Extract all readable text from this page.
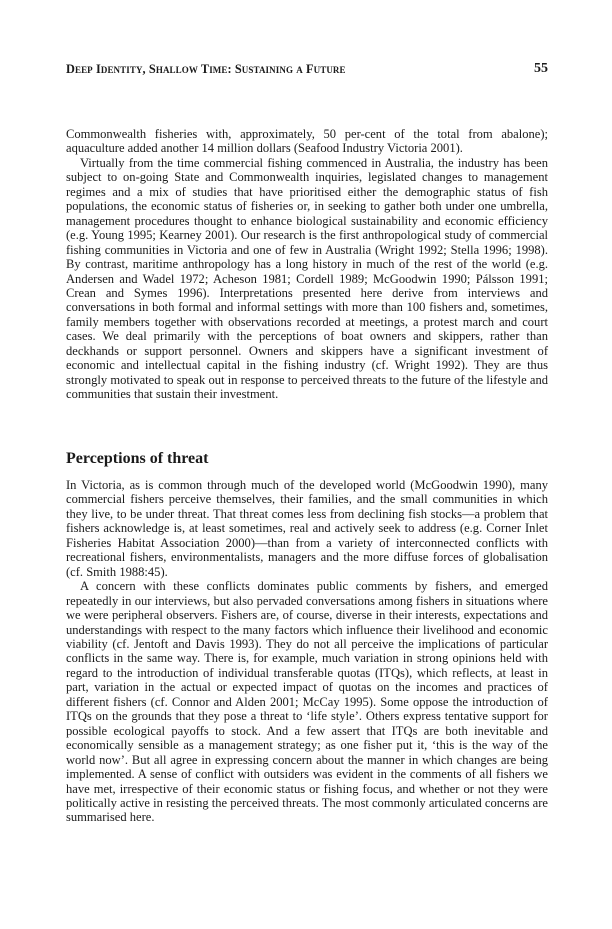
Deep Identity, Shallow Time: Sustaining a Future	55

Commonwealth fisheries with, approximately, 50 per-cent of the total from abalone); aquaculture added another 14 million dollars (Seafood Industry Victoria 2001).

Virtually from the time commercial fishing commenced in Australia, the industry has been subject to on-going State and Commonwealth inquiries, legislated changes to management regimes and a mix of studies that have prioritised either the demographic status of fish populations, the economic status of fisheries or, in seeking to gather both under one umbrella, management procedures thought to enhance biological sustainability and economic efficiency (e.g. Young 1995; Kearney 2001). Our research is the first anthropological study of commercial fishing communities in Victoria and one of few in Australia (Wright 1992; Stella 1996; 1998). By contrast, maritime anthropology has a long history in much of the rest of the world (e.g. Andersen and Wadel 1972; Acheson 1981; Cordell 1989; McGoodwin 1990; Pálsson 1991; Crean and Symes 1996). Interpretations presented here derive from interviews and conversations in both formal and informal settings with more than 100 fishers and, sometimes, family members together with observations recorded at meetings, a protest march and court cases. We deal primarily with the perceptions of boat owners and skippers, rather than deckhands or support personnel. Owners and skippers have a significant investment of economic and intellectual capital in the fishing industry (cf. Wright 1992). They are thus strongly motivated to speak out in response to perceived threats to the future of the lifestyle and communities that sustain their investment.

Perceptions of threat

In Victoria, as is common through much of the developed world (McGoodwin 1990), many commercial fishers perceive themselves, their families, and the small communities in which they live, to be under threat. That threat comes less from declining fish stocks—a problem that fishers acknowledge is, at least sometimes, real and actively seek to address (e.g. Corner Inlet Fisheries Habitat Association 2000)—than from a variety of interconnected conflicts with recreational fishers, environmentalists, managers and the more diffuse forces of globalisation (cf. Smith 1988:45).

A concern with these conflicts dominates public comments by fishers, and emerged repeatedly in our interviews, but also pervaded conversations among fishers in situations where we were peripheral observers. Fishers are, of course, diverse in their interests, expectations and understandings with respect to the many factors which influence their livelihood and economic viability (cf. Jentoft and Davis 1993). They do not all perceive the implications of particular conflicts in the same way. There is, for example, much variation in strong opinions held with regard to the introduction of individual transferable quotas (ITQs), which reflects, at least in part, variation in the actual or expected impact of quotas on the incomes and practices of different fishers (cf. Connor and Alden 2001; McCay 1995). Some oppose the introduction of ITQs on the grounds that they pose a threat to ‘life style’. Others express tentative support for possible ecological payoffs to stock. And a few assert that ITQs are both inevitable and economically sensible as a management strategy; as one fisher put it, ‘this is the way of the world now’. But all agree in expressing concern about the manner in which changes are being implemented. A sense of conflict with outsiders was evident in the comments of all fishers we have met, irrespective of their economic status or fishing focus, and whether or not they were politically active in resisting the perceived threats. The most commonly articulated concerns are summarised here.
